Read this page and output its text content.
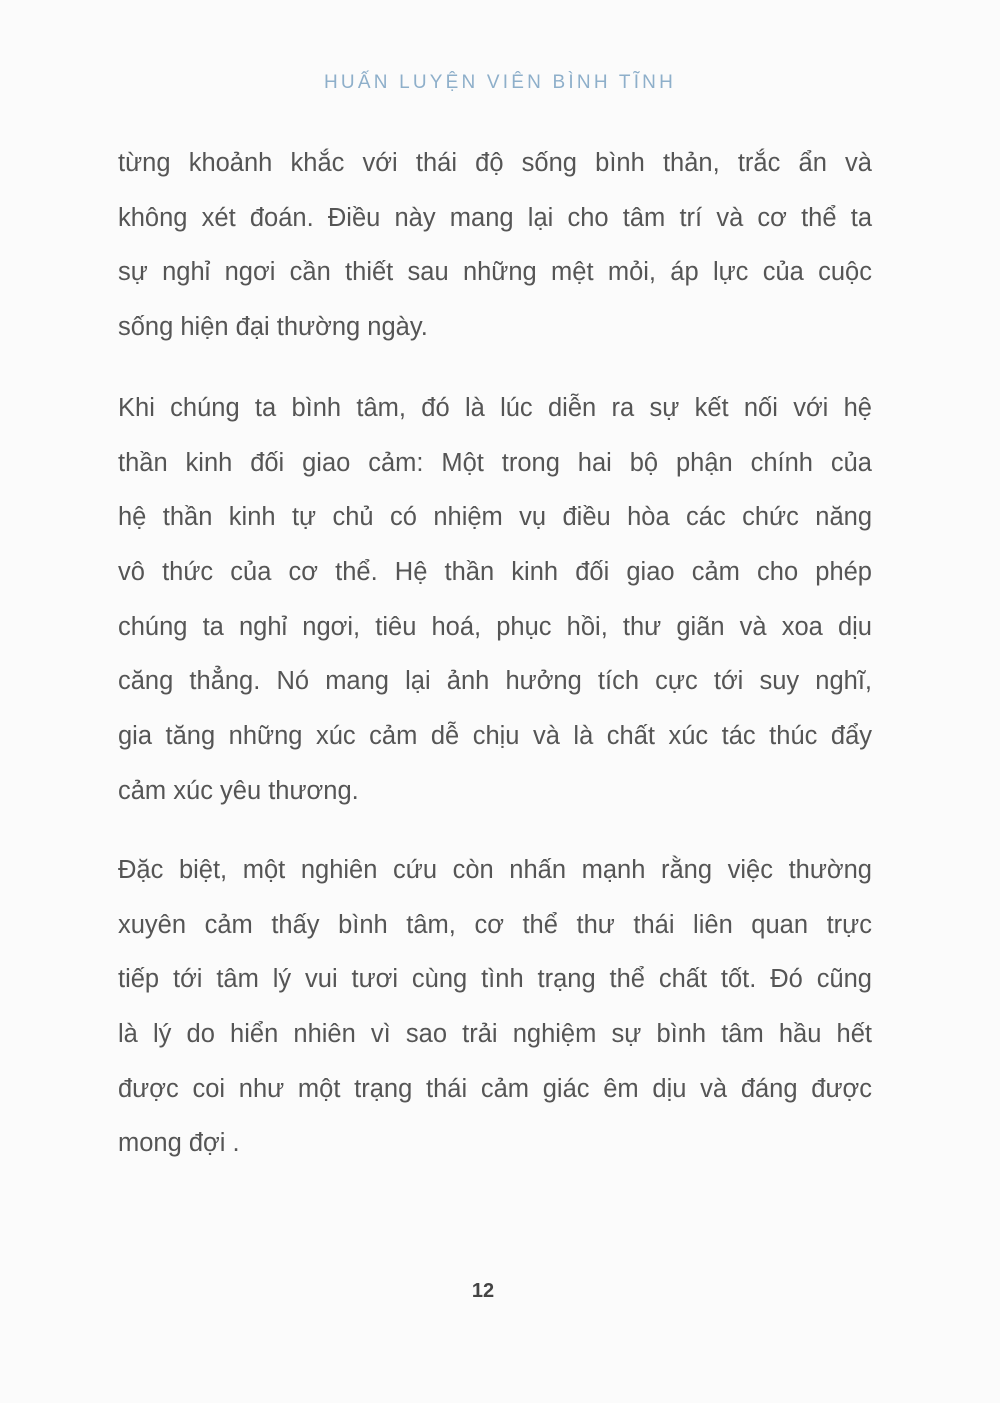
HUẤN LUYỆN VIÊN BÌNH TĨNH
từng khoảnh khắc với thái độ sống bình thản, trắc ẩn và
không xét đoán. Điều này mang lại cho tâm trí và cơ thể ta
sự nghỉ ngơi cần thiết sau những mệt mỏi, áp lực của cuộc
sống hiện đại thường ngày.
Khi chúng ta bình tâm, đó là lúc diễn ra sự kết nối với hệ
thần kinh đối giao cảm: Một trong hai bộ phận chính của
hệ thần kinh tự chủ có nhiệm vụ điều hòa các chức năng
vô thức của cơ thể. Hệ thần kinh đối giao cảm cho phép
chúng ta nghỉ ngơi, tiêu hoá, phục hồi, thư giãn và xoa dịu
căng thẳng. Nó mang lại ảnh hưởng tích cực tới suy nghĩ,
gia tăng những xúc cảm dễ chịu và là chất xúc tác thúc đẩy
cảm xúc yêu thương.
Đặc biệt, một nghiên cứu còn nhấn mạnh rằng việc thường
xuyên cảm thấy bình tâm, cơ thể thư thái liên quan trực
tiếp tới tâm lý vui tươi cùng tình trạng thể chất tốt. Đó cũng
là lý do hiển nhiên vì sao trải nghiệm sự bình tâm hầu hết
được coi như một trạng thái cảm giác êm dịu và đáng được
mong đợi .
12
